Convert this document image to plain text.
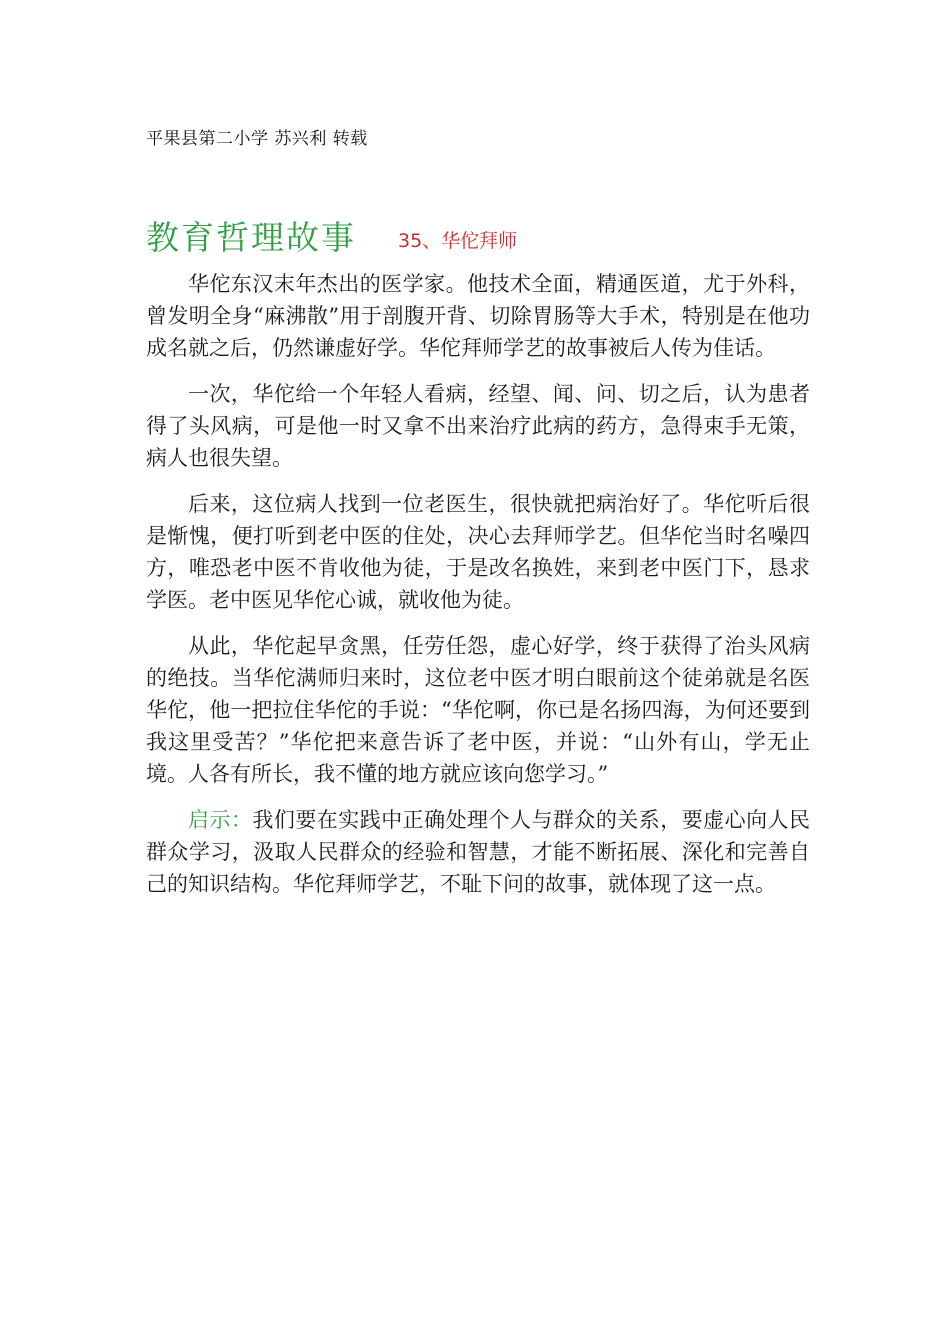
平果县第二小学 苏兴利 转载
教育哲理故事 35、华佗拜师

华佗东汉末年杰出的医学家。他技术全面，精通医道，尤于外科，曾发明全身“麻沸散”用于剖腹开背、切除胃肠等大手术，特别是在他功成名就之后，仍然谦虚好学。华佗拜师学艺的故事被后人传为佳话。

一次，华佗给一个年轻人看病，经望、闻、问、切之后，认为患者得了头风病，可是他一时又拿不出来治疗此病的药方，急得束手无策，病人也很失望。

后来，这位病人找到一位老医生，很快就把病治好了。华佗听后很是惭愧，便打听到老中医的住处，决心去拜师学艺。但华佗当时名噪四方，唯恐老中医不肯收他为徒，于是改名换姓，来到老中医门下，恳求学医。老中医见华佗心诚，就收他为徒。

从此，华佗起早贪黑，任劳任怨，虚心好学，终于获得了治头风病的绝技。当华佗满师归来时，这位老中医才明白眼前这个徒弟就是名医华佗，他一把拉住华佗的手说：“华佗啊，你已是名扬四海，为何还要到我这里受苦？”华佗把来意告诉了老中医，并说：“山外有山，学无止境。人各有所长，我不懂的地方就应该向您学习。”

启示：我们要在实践中正确处理个人与群众的关系，要虚心向人民群众学习，汲取人民群众的经验和智慧，才能不断拓展、深化和完善自己的知识结构。华佗拜师学艺，不耻下问的故事，就体现了这一点。
